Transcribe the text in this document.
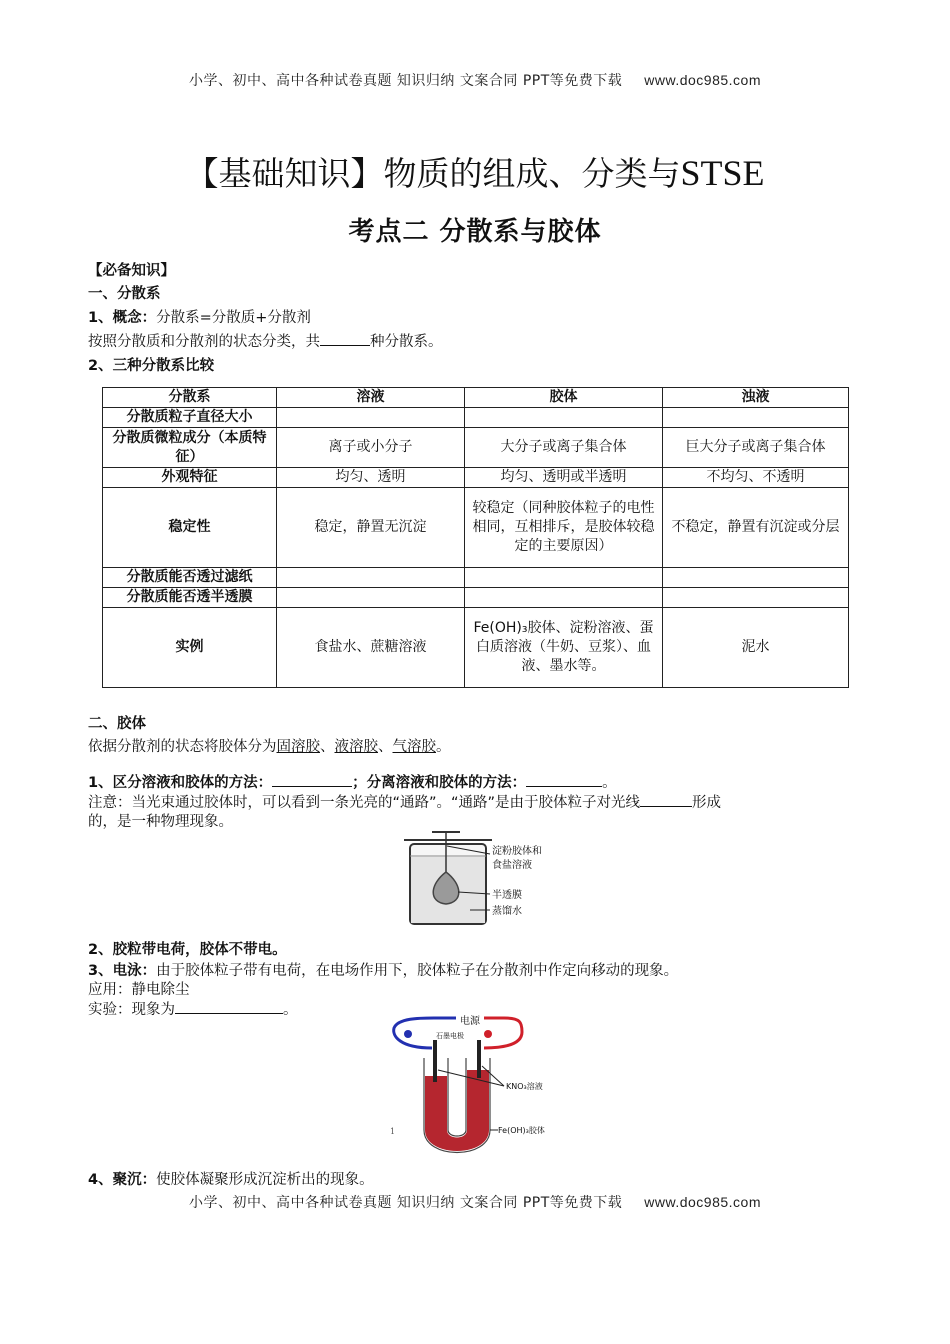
小学、初中、高中各种试卷真题 知识归纳 文案合同 PPT等免费下载 www.doc985.com
【基础知识】物质的组成、分类与STSE
考点二 分散系与胶体
【必备知识】
一、分散系
1、概念：分散系=分散质+分散剂
按照分散质和分散剂的状态分类，共	种分散系。
2、三种分散系比较
分散系	溶液	胶体	浊液
分散质粒子直径大小			
分散质微粒成分（本质特征）	离子或小分子	大分子或离子集合体	巨大分子或离子集合体
外观特征	均匀、透明	均匀、透明或半透明	不均匀、不透明
稳定性	稳定，静置无沉淀	较稳定（同种胶体粒子的电性相同，互相排斥，是胶体较稳定的主要原因）	不稳定，静置有沉淀或分层
分散质能否透过滤纸			
分散质能否透半透膜			
实例	食盐水、蔗糖溶液	Fe(OH)₃胶体、淀粉溶液、蛋白质溶液（牛奶、豆浆）、血液、墨水等。	泥水
二、胶体
依据分散剂的状态将胶体分为固溶胶、液溶胶、气溶胶。
1、区分溶液和胶体的方法：	；分离溶液和胶体的方法：	。
注意：当光束通过胶体时，可以看到一条光亮的“通路”。“通路”是由于胶体粒子对光线	形成
的，是一种物理现象。
淀粉胶体和
食盐溶液
半透膜
蒸馏水
2、胶粒带电荷，胶体不带电。
3、电泳：由于胶体粒子带有电荷，在电场作用下，胶体粒子在分散剂中作定向移动的现象。
应用：静电除尘
实验：现象为	。
电源
石墨电极
KNO₃溶液
Fe(OH)₃胶体
1
4、聚沉：使胶体凝聚形成沉淀析出的现象。
小学、初中、高中各种试卷真题 知识归纳 文案合同 PPT等免费下载 www.doc985.com
